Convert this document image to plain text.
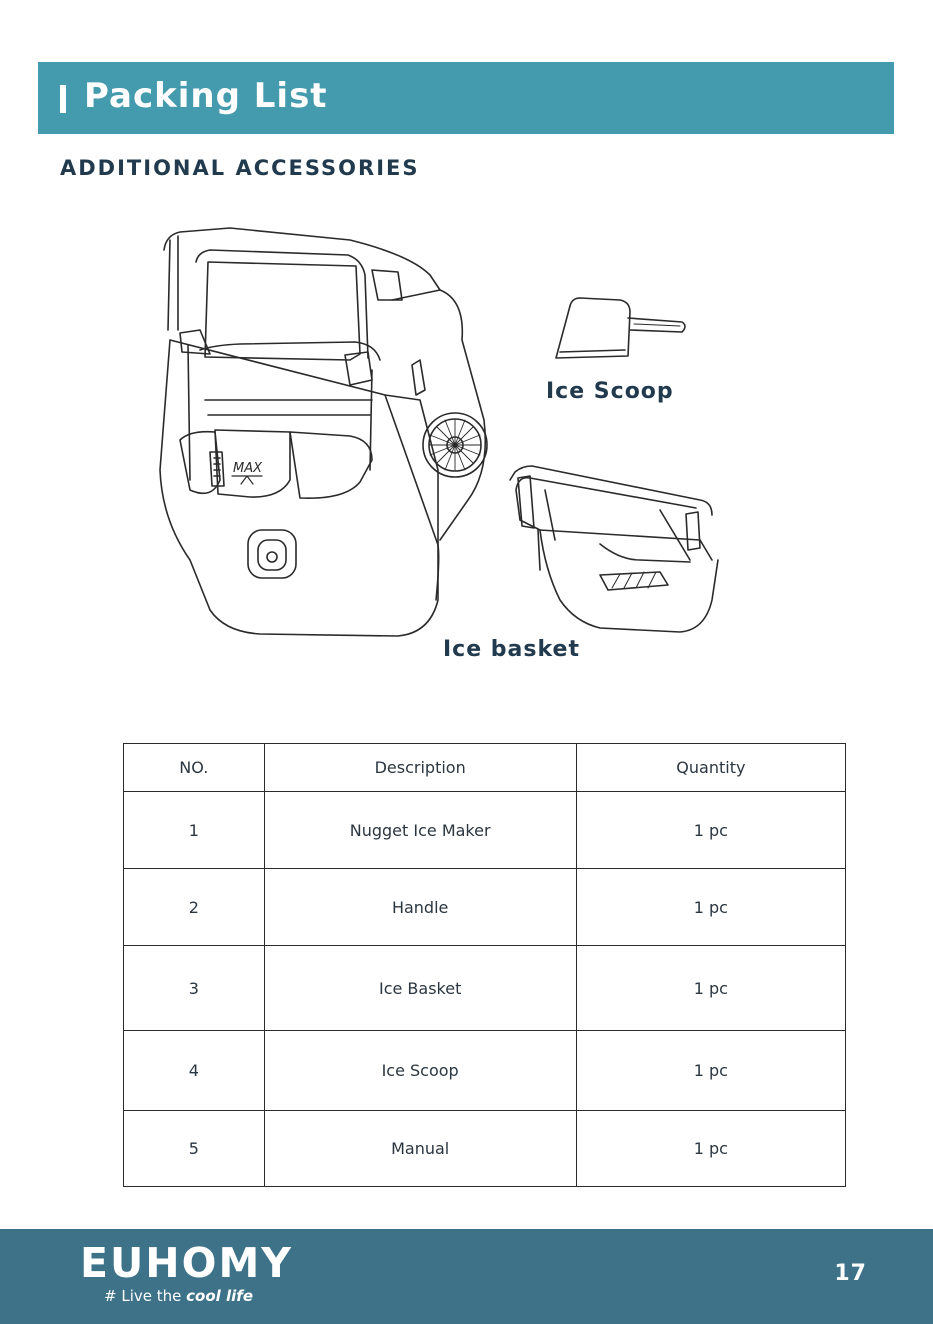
Packing List
ADDITIONAL ACCESSORIES
MAX
Ice Scoop
Ice basket
NO.	Description	Quantity
1	Nugget Ice Maker	1 pc
2	Handle	1 pc
3	Ice Basket	1 pc
4	Ice Scoop	1 pc
5	Manual	1 pc
EUHOMY
# Live the cool life
17
